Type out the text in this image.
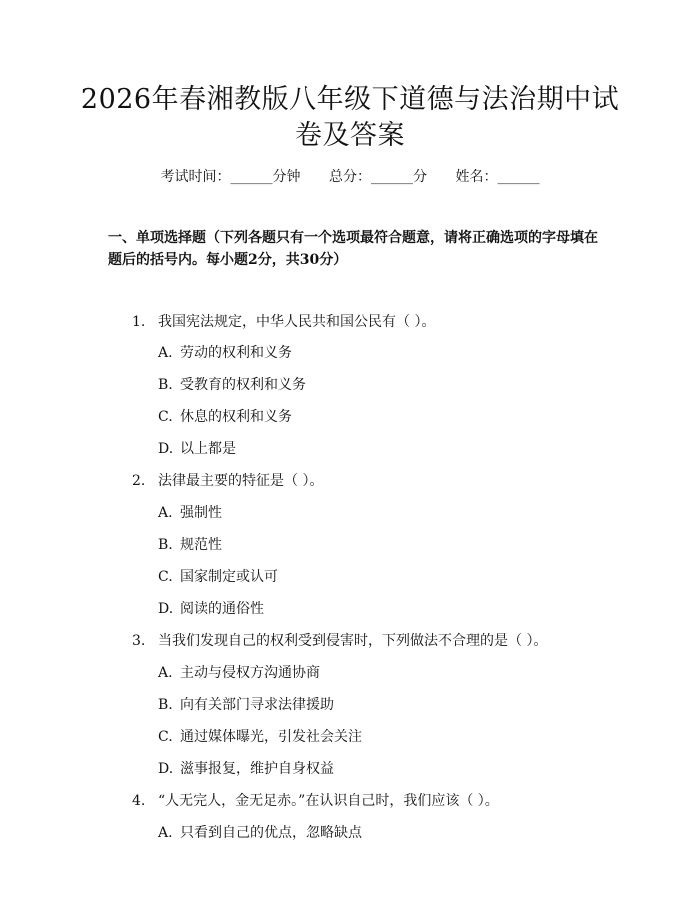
2026年春湘教版八年级下道德与法治期中试
卷及答案
考试时间：______分钟 总分：______分 姓名：______
一、单项选择题（下列各题只有一个选项最符合题意，请将正确选项的字母填在题后的括号内。每小题2分，共30分）
1. 我国宪法规定，中华人民共和国公民有（ ）。
A. 劳动的权利和义务
B. 受教育的权利和义务
C. 休息的权利和义务
D. 以上都是
2. 法律最主要的特征是（ ）。
A. 强制性
B. 规范性
C. 国家制定或认可
D. 阅读的通俗性
3. 当我们发现自己的权利受到侵害时，下列做法不合理的是（ ）。
A. 主动与侵权方沟通协商
B. 向有关部门寻求法律援助
C. 通过媒体曝光，引发社会关注
D. 滋事报复，维护自身权益
4. “人无完人，金无足赤。”在认识自己时，我们应该（ ）。
A. 只看到自己的优点，忽略缺点
